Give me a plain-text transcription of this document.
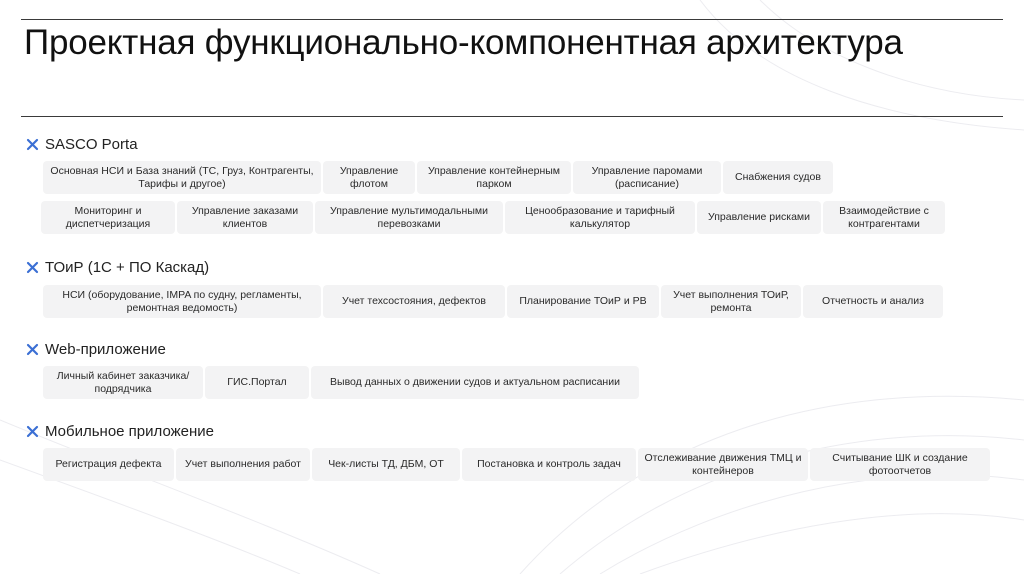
Проектная функционально-компонентная архитектура
SASCO Porta
Основная НСИ и База знаний (ТС, Груз, Контрагенты, Тарифы и другое)
Управление флотом
Управление контейнерным парком
Управление паромами (расписание)
Снабжения судов
Мониторинг и диспетчеризация
Управление заказами клиентов
Управление мультимодальными перевозками
Ценообразование и тарифный калькулятор
Управление рисками
Взаимодействие с контрагентами
ТОиР (1С + ПО Каскад)
НСИ (оборудование, IMPA по судну, регламенты, ремонтная ведомость)
Учет техсостояния, дефектов	Планирование ТОиР и РВ
Учет выполнения ТОиР, ремонта
Отчетность и анализ
Web-приложение
Личный кабинет заказчика/подрядчика
ГИС.Портал	Вывод данных о движении судов и актуальном расписании
Мобильное приложение
Регистрация дефекта	Учет выполнения работ	Чек-листы ТД, ДБМ, ОТ	Постановка и контроль задач
Отслеживание движения ТМЦ и контейнеров
Считывание ШК и создание фотоотчетов
